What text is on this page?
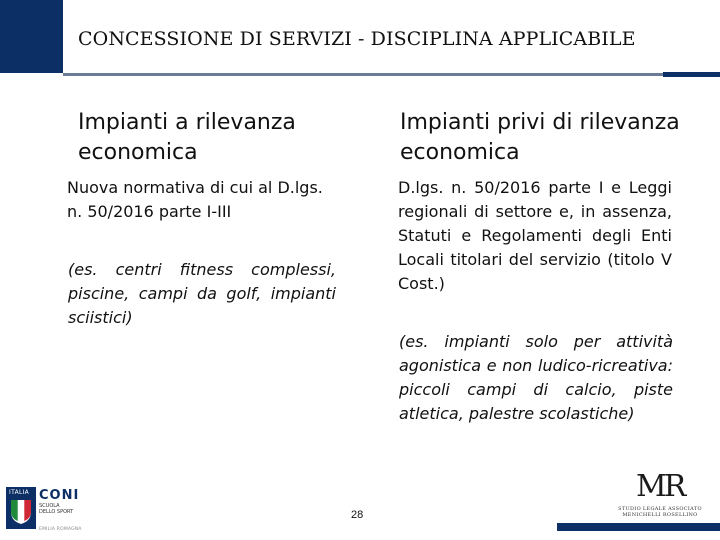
CONCESSIONE DI SERVIZI - DISCIPLINA APPLICABILE
Impianti a rilevanza economica
Impianti privi di rilevanza economica

Nuova normativa di cui al D.lgs. n. 50/2016 parte I-III

D.lgs. n. 50/2016 parte I e Leggi regionali di settore e, in assenza, Statuti e Regolamenti degli Enti Locali titolari del servizio (titolo V Cost.)

(es. centri fitness complessi, piscine, campi da golf, impianti sciistici)

(es. impianti solo per attività agonistica e non ludico-ricreativa: piccoli campi di calcio, piste atletica, palestre scolastiche)

ITALIA CONI
SCUOLA
DELLO SPORT
EMILIA ROMAGNA

28

MR
STUDIO LEGALE ASSOCIATO
MENICHELLI ROSELLINO
